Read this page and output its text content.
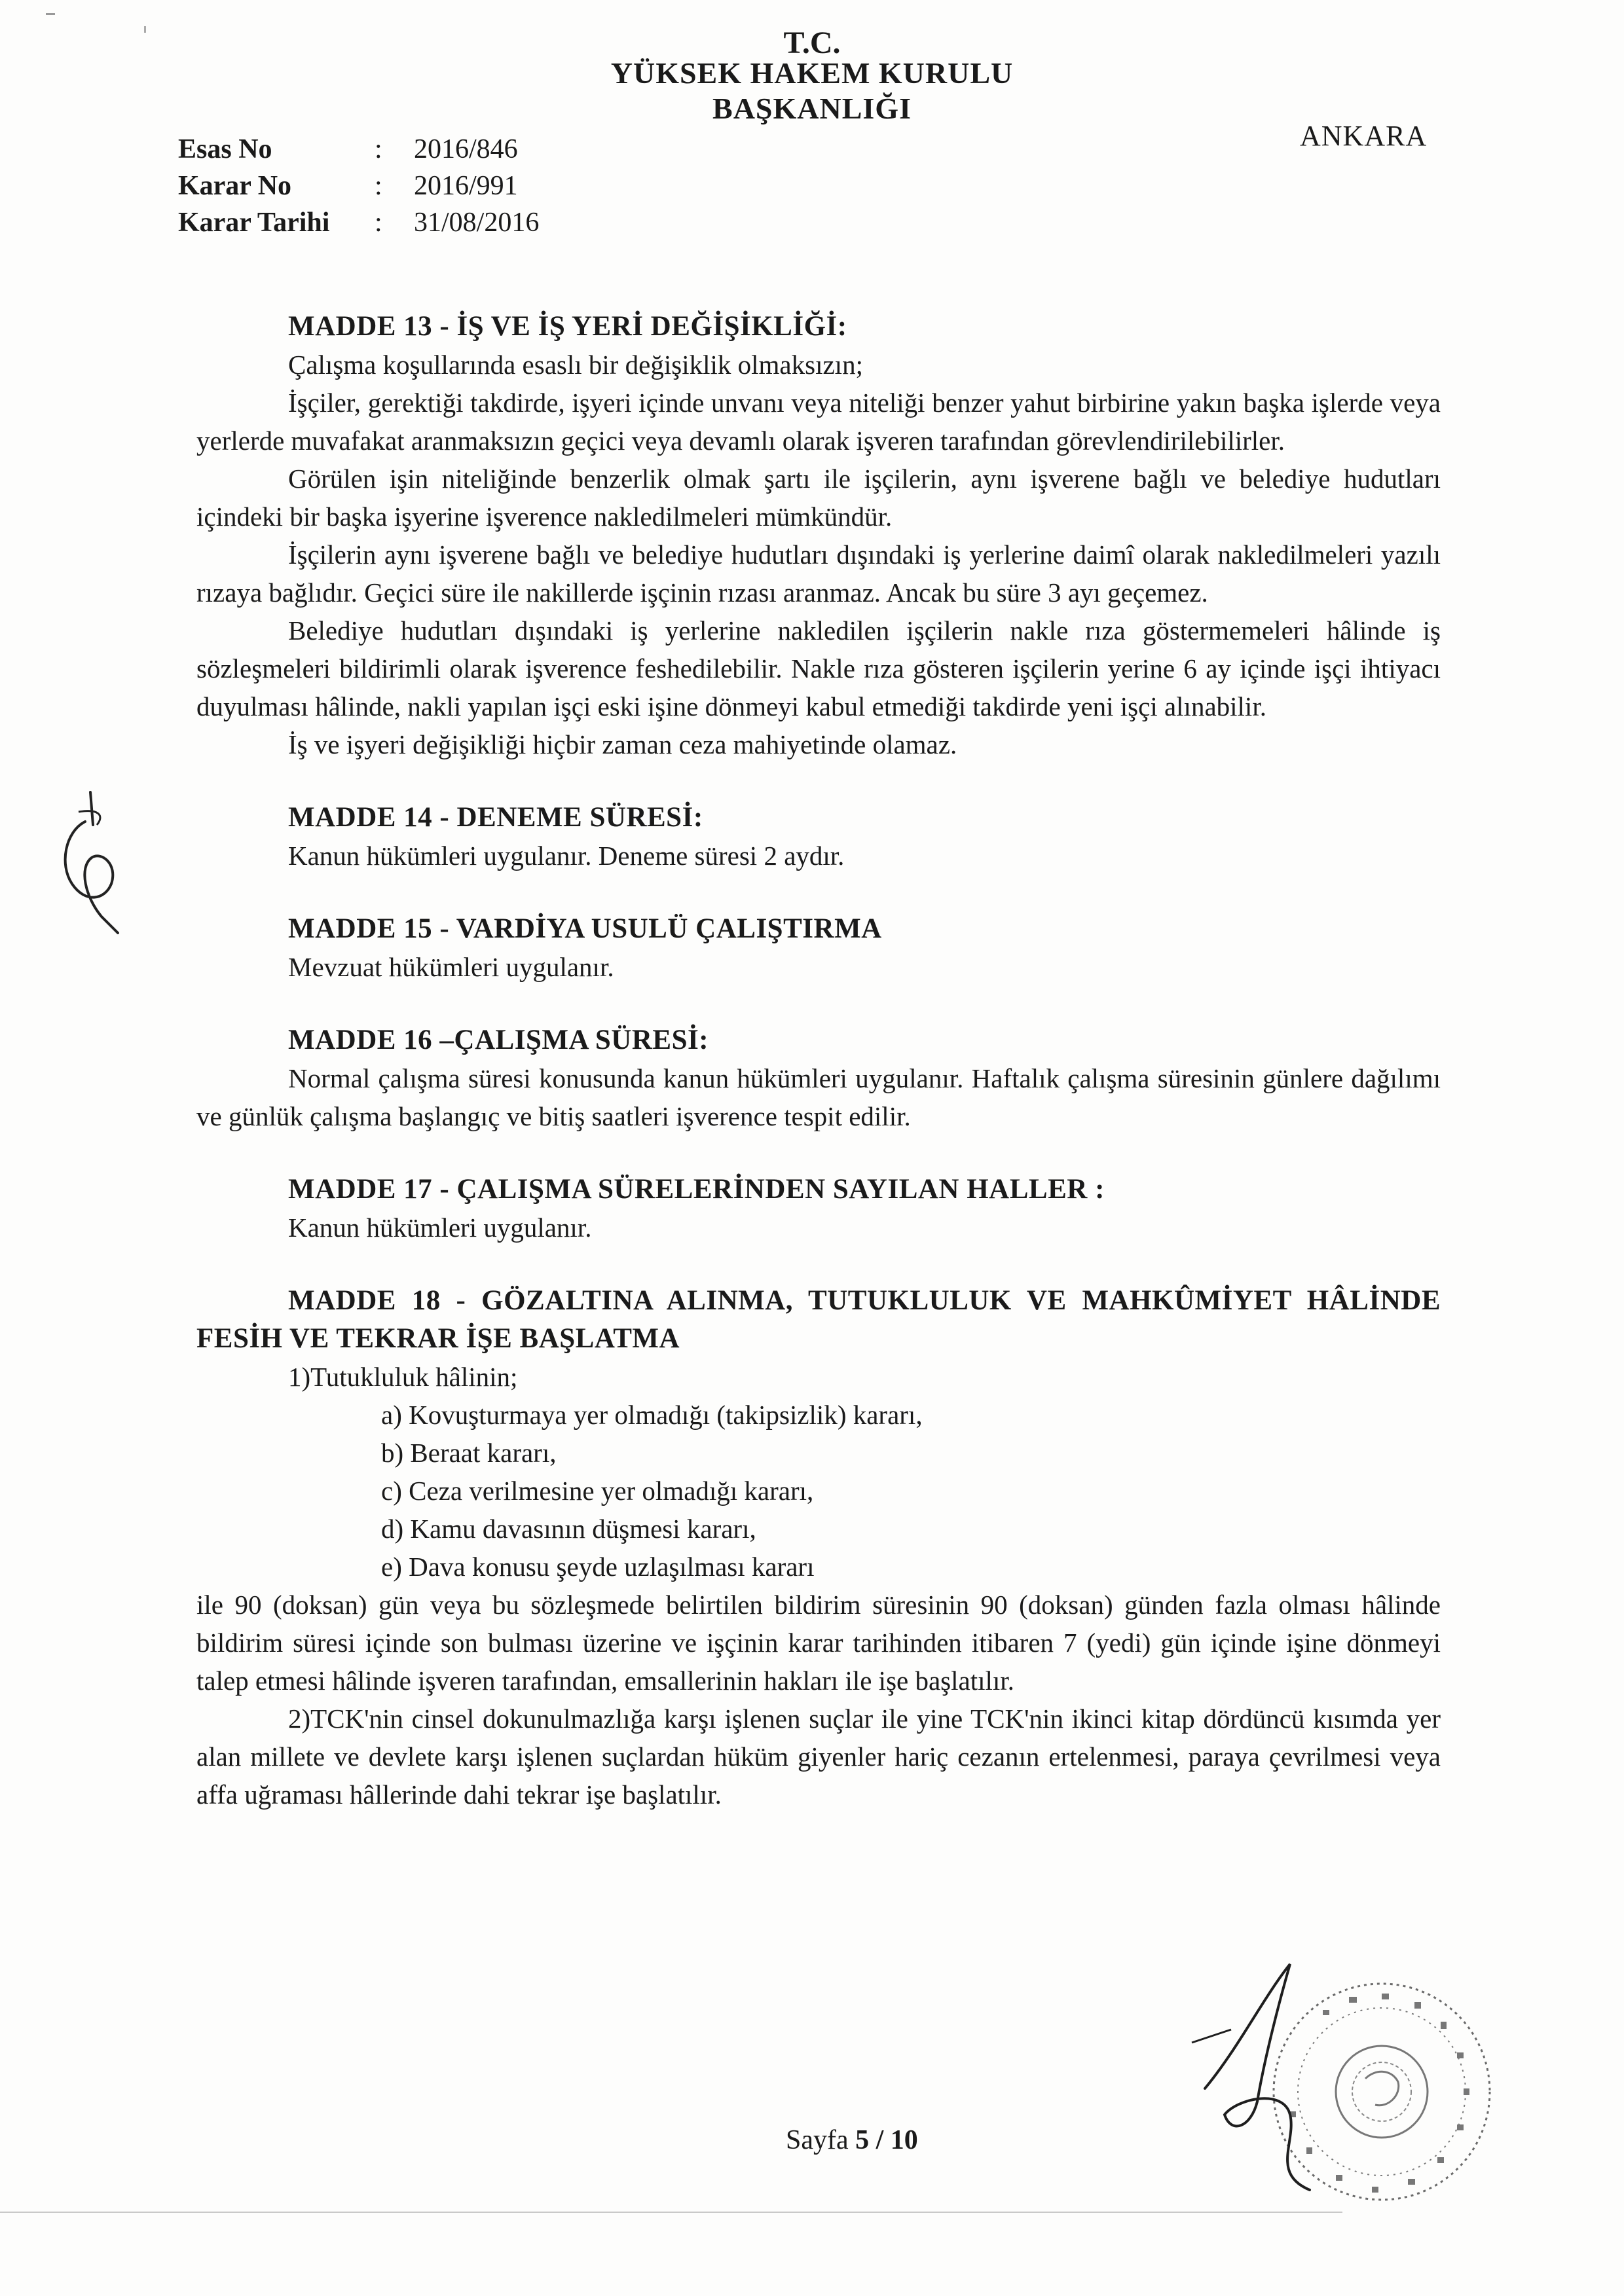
T.C.
YÜKSEK HAKEM KURULU
BAŞKANLIĞI
ANKARA
Esas No	: 2016/846
Karar No	: 2016/991
Karar Tarihi : 31/08/2016

MADDE 13 - İŞ VE İŞ YERİ DEĞİŞİKLİĞİ:

Çalışma koşullarında esaslı bir değişiklik olmaksızın;

İşçiler, gerektiği takdirde, işyeri içinde unvanı veya niteliği benzer yahut birbirine yakın başka işlerde veya yerlerde muvafakat aranmaksızın geçici veya devamlı olarak işveren tarafından görevlendirilebilirler.

Görülen işin niteliğinde benzerlik olmak şartı ile işçilerin, aynı işverene bağlı ve belediye hudutları içindeki bir başka işyerine işverence nakledilmeleri mümkündür.

İşçilerin aynı işverene bağlı ve belediye hudutları dışındaki iş yerlerine daimî olarak nakledilmeleri yazılı rızaya bağlıdır. Geçici süre ile nakillerde işçinin rızası aranmaz. Ancak bu süre 3 ayı geçemez.

Belediye hudutları dışındaki iş yerlerine nakledilen işçilerin nakle rıza göstermemeleri hâlinde iş sözleşmeleri bildirimli olarak işverence feshedilebilir. Nakle rıza gösteren işçilerin yerine 6 ay içinde işçi ihtiyacı duyulması hâlinde, nakli yapılan işçi eski işine dönmeyi kabul etmediği takdirde yeni işçi alınabilir.

İş ve işyeri değişikliği hiçbir zaman ceza mahiyetinde olamaz.

MADDE 14 - DENEME SÜRESİ:

Kanun hükümleri uygulanır. Deneme süresi 2 aydır.

MADDE 15 - VARDİYA USULÜ ÇALIŞTIRMA

Mevzuat hükümleri uygulanır.

MADDE 16 –ÇALIŞMA SÜRESİ:

Normal çalışma süresi konusunda kanun hükümleri uygulanır. Haftalık çalışma süresinin günlere dağılımı ve günlük çalışma başlangıç ve bitiş saatleri işverence tespit edilir.

MADDE 17 - ÇALIŞMA SÜRELERİNDEN SAYILAN HALLER :

Kanun hükümleri uygulanır.

MADDE 18 - GÖZALTINA ALINMA, TUTUKLULUK VE MAHKÛMİYET HÂLİNDE FESİH VE TEKRAR İŞE BAŞLATMA

1)Tutukluluk hâlinin;

a) Kovuşturmaya yer olmadığı (takipsizlik) kararı,

b) Beraat kararı,

c) Ceza verilmesine yer olmadığı kararı,

d) Kamu davasının düşmesi kararı,

e) Dava konusu şeyde uzlaşılması kararı

ile 90 (doksan) gün veya bu sözleşmede belirtilen bildirim süresinin 90 (doksan) günden fazla olması hâlinde bildirim süresi içinde son bulması üzerine ve işçinin karar tarihinden itibaren 7 (yedi) gün içinde işine dönmeyi talep etmesi hâlinde işveren tarafından, emsallerinin hakları ile işe başlatılır.

2)TCK'nin cinsel dokunulmazlığa karşı işlenen suçlar ile yine TCK'nin ikinci kitap dördüncü kısımda yer alan millete ve devlete karşı işlenen suçlardan hüküm giyenler hariç cezanın ertelenmesi, paraya çevrilmesi veya affa uğraması hâllerinde dahi tekrar işe başlatılır.

Sayfa 5 / 10
